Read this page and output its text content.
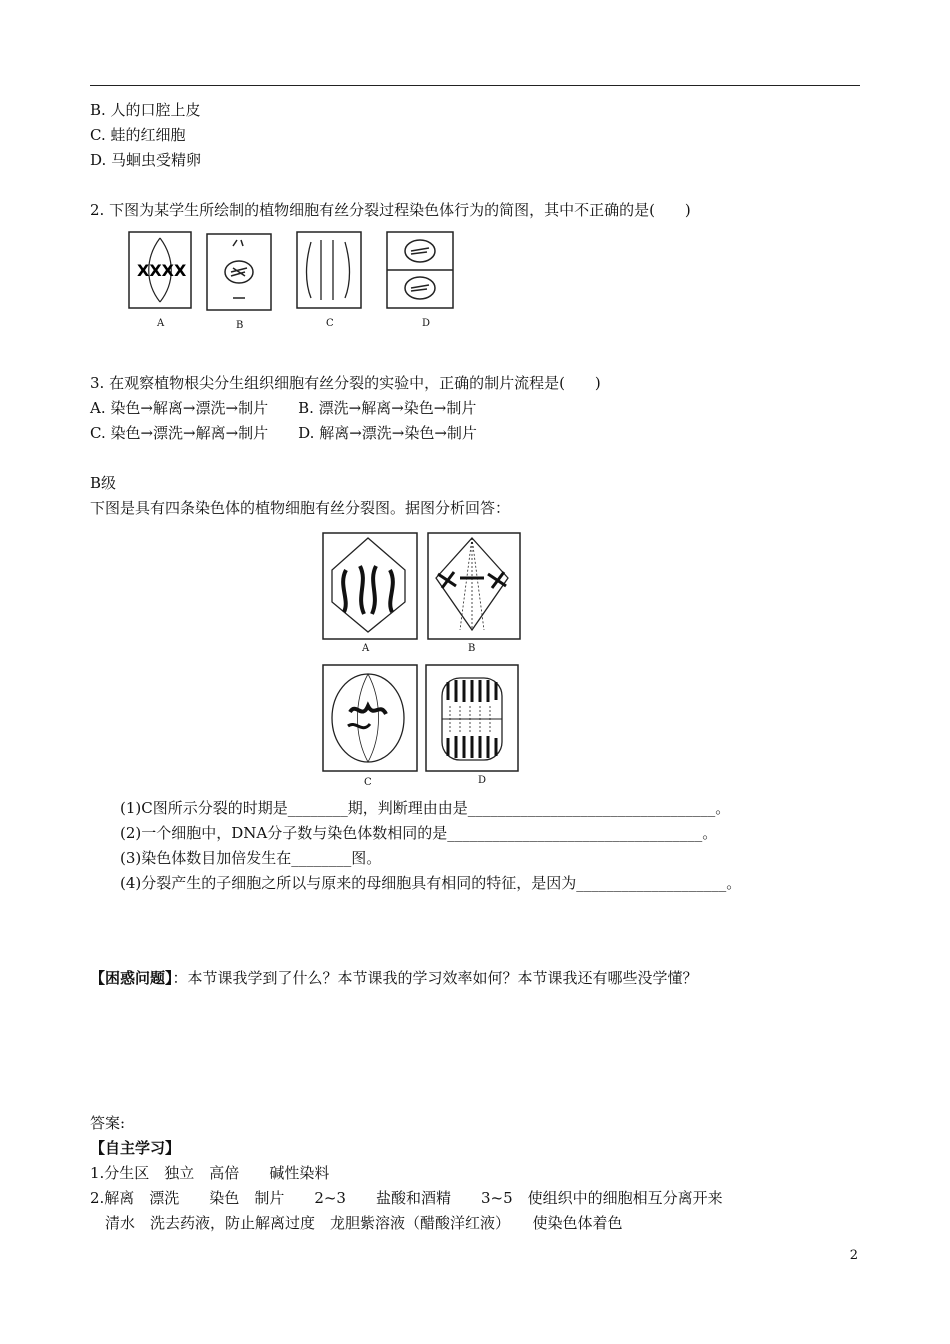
B. 人的口腔上皮
C. 蛙的红细胞
D. 马蛔虫受精卵
2. 下图为某学生所绘制的植物细胞有丝分裂过程染色体行为的简图，其中不正确的是(　　)
XXXX
A	B	C	D
3. 在观察植物根尖分生组织细胞有丝分裂的实验中，正确的制片流程是(　　)
A. 染色→解离→漂洗→制片　　B. 漂洗→解离→染色→制片
C. 染色→漂洗→解离→制片　　D. 解离→漂洗→染色→制片
B级
下图是具有四条染色体的植物细胞有丝分裂图。据图分析回答：
A	B
C	D
(1)C图所示分裂的时期是________期，判断理由由是_________________________________。
(2)一个细胞中，DNA分子数与染色体数相同的是__________________________________。
(3)染色体数目加倍发生在________图。
(4)分裂产生的子细胞之所以与原来的母细胞具有相同的特征，是因为____________________。
【困惑问题】：本节课我学到了什么？本节课我的学习效率如何？本节课我还有哪些没学懂？
答案:
【自主学习】
1.分生区　独立　高倍　　碱性染料
2.解离　漂洗　　染色　制片　　2~3　　盐酸和酒精　　3~5　使组织中的细胞相互分离开来
　清水　洗去药液，防止解离过度　龙胆紫溶液（醋酸洋红液）　　使染色体着色
2
